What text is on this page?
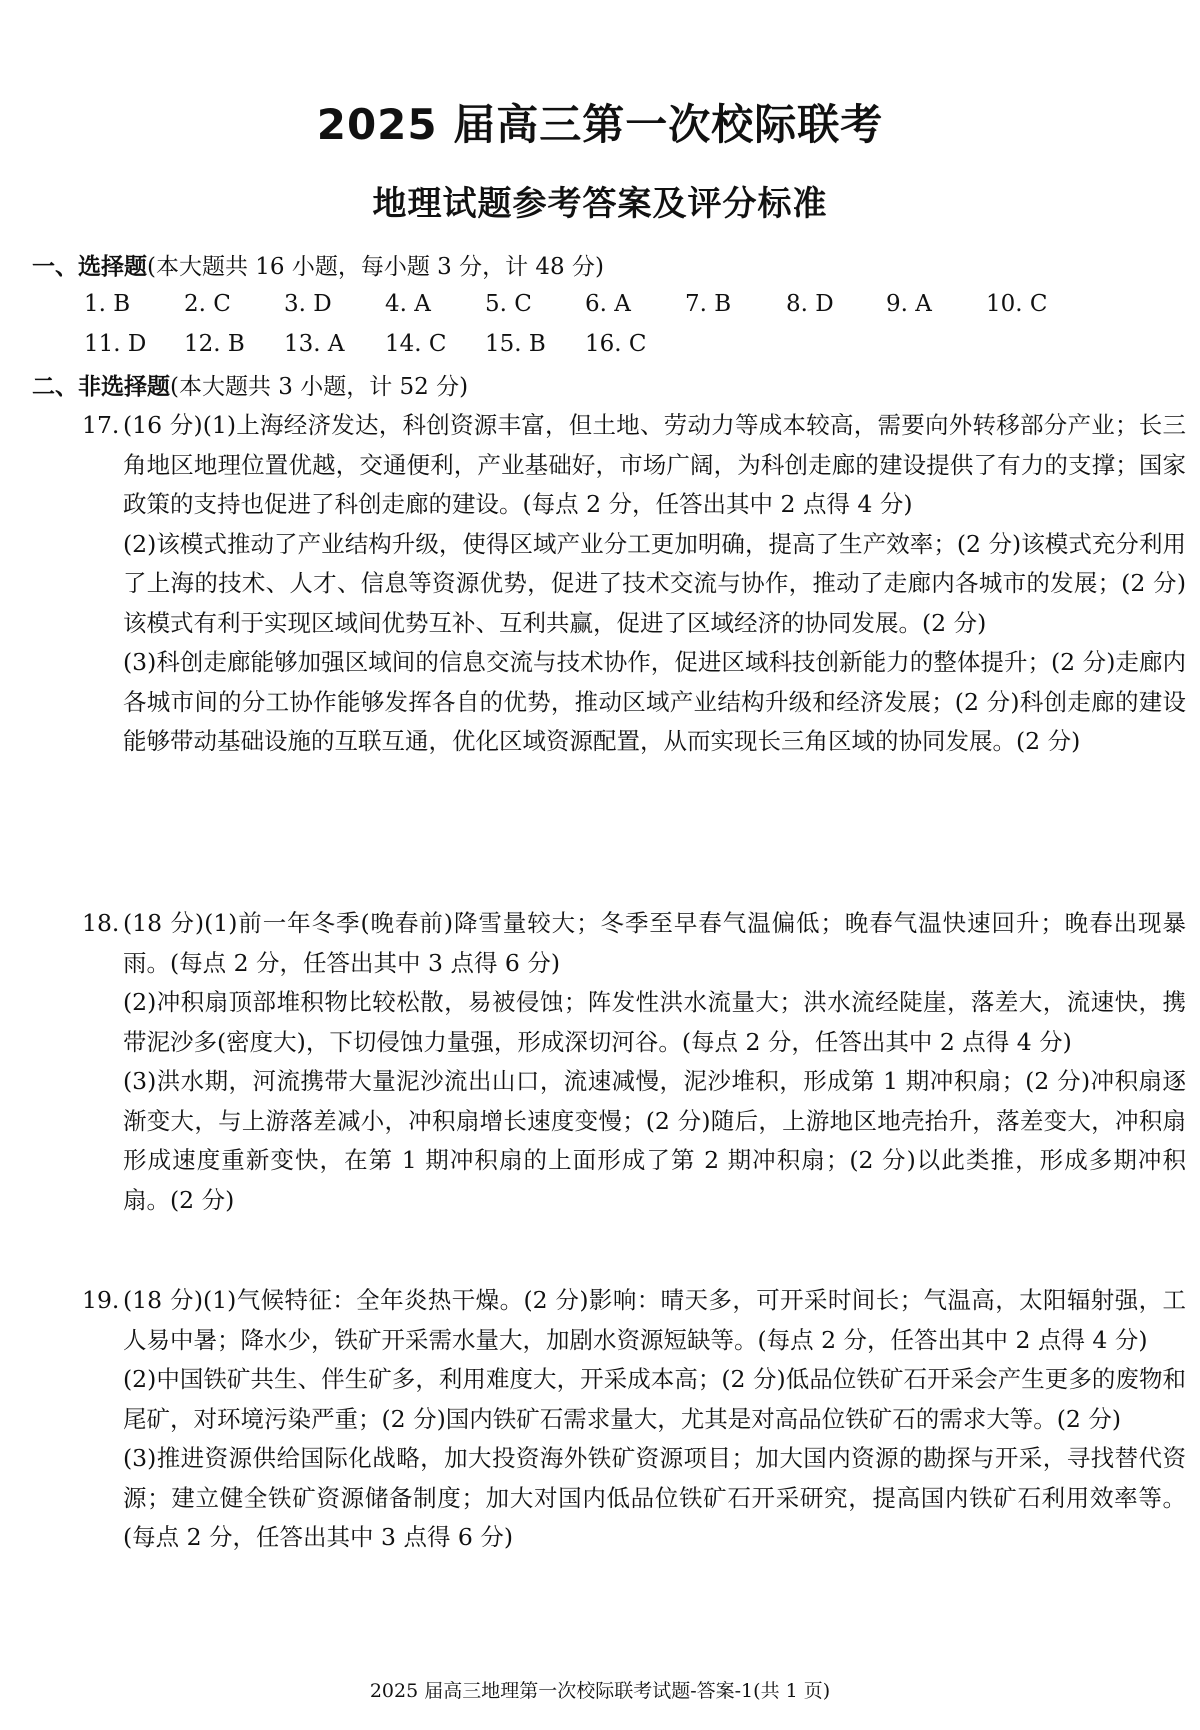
2025 届高三第一次校际联考
地理试题参考答案及评分标准
一、选择题(本大题共 16 小题，每小题 3 分，计 48 分)
1. B 2. C 3. D 4. A 5. C 6. A 7. B 8. D 9. A 10. C
11. D 12. B 13. A 14. C 15. B 16. C
二、非选择题(本大题共 3 小题，计 52 分)
17. (16 分)(1)上海经济发达，科创资源丰富，但土地、劳动力等成本较高，需要向外转移部分产业；长三角地区地理位置优越，交通便利，产业基础好，市场广阔，为科创走廊的建设提供了有力的支撑；国家政策的支持也促进了科创走廊的建设。(每点 2 分，任答出其中 2 点得 4 分)

(2)该模式推动了产业结构升级，使得区域产业分工更加明确，提高了生产效率；(2 分)该模式充分利用了上海的技术、人才、信息等资源优势，促进了技术交流与协作，推动了走廊内各城市的发展；(2 分)该模式有利于实现区域间优势互补、互利共赢，促进了区域经济的协同发展。(2 分)

(3)科创走廊能够加强区域间的信息交流与技术协作，促进区域科技创新能力的整体提升；(2 分)走廊内各城市间的分工协作能够发挥各自的优势，推动区域产业结构升级和经济发展；(2 分)科创走廊的建设能够带动基础设施的互联互通，优化区域资源配置，从而实现长三角区域的协同发展。(2 分)

18. (18 分)(1)前一年冬季(晚春前)降雪量较大；冬季至早春气温偏低；晚春气温快速回升；晚春出现暴雨。(每点 2 分，任答出其中 3 点得 6 分)

(2)冲积扇顶部堆积物比较松散，易被侵蚀；阵发性洪水流量大；洪水流经陡崖，落差大，流速快，携带泥沙多(密度大)，下切侵蚀力量强，形成深切河谷。(每点 2 分，任答出其中 2 点得 4 分)

(3)洪水期，河流携带大量泥沙流出山口，流速减慢，泥沙堆积，形成第 1 期冲积扇；(2 分)冲积扇逐渐变大，与上游落差减小，冲积扇增长速度变慢；(2 分)随后，上游地区地壳抬升，落差变大，冲积扇形成速度重新变快，在第 1 期冲积扇的上面形成了第 2 期冲积扇；(2 分)以此类推，形成多期冲积扇。(2 分)

19. (18 分)(1)气候特征：全年炎热干燥。(2 分)影响：晴天多，可开采时间长；气温高，太阳辐射强，工人易中暑；降水少，铁矿开采需水量大，加剧水资源短缺等。(每点 2 分，任答出其中 2 点得 4 分)

(2)中国铁矿共生、伴生矿多，利用难度大，开采成本高；(2 分)低品位铁矿石开采会产生更多的废物和尾矿，对环境污染严重；(2 分)国内铁矿石需求量大，尤其是对高品位铁矿石的需求大等。(2 分)

(3)推进资源供给国际化战略，加大投资海外铁矿资源项目；加大国内资源的勘探与开采，寻找替代资源；建立健全铁矿资源储备制度；加大对国内低品位铁矿石开采研究，提高国内铁矿石利用效率等。(每点 2 分，任答出其中 3 点得 6 分)

2025 届高三地理第一次校际联考试题-答案-1(共 1 页)
